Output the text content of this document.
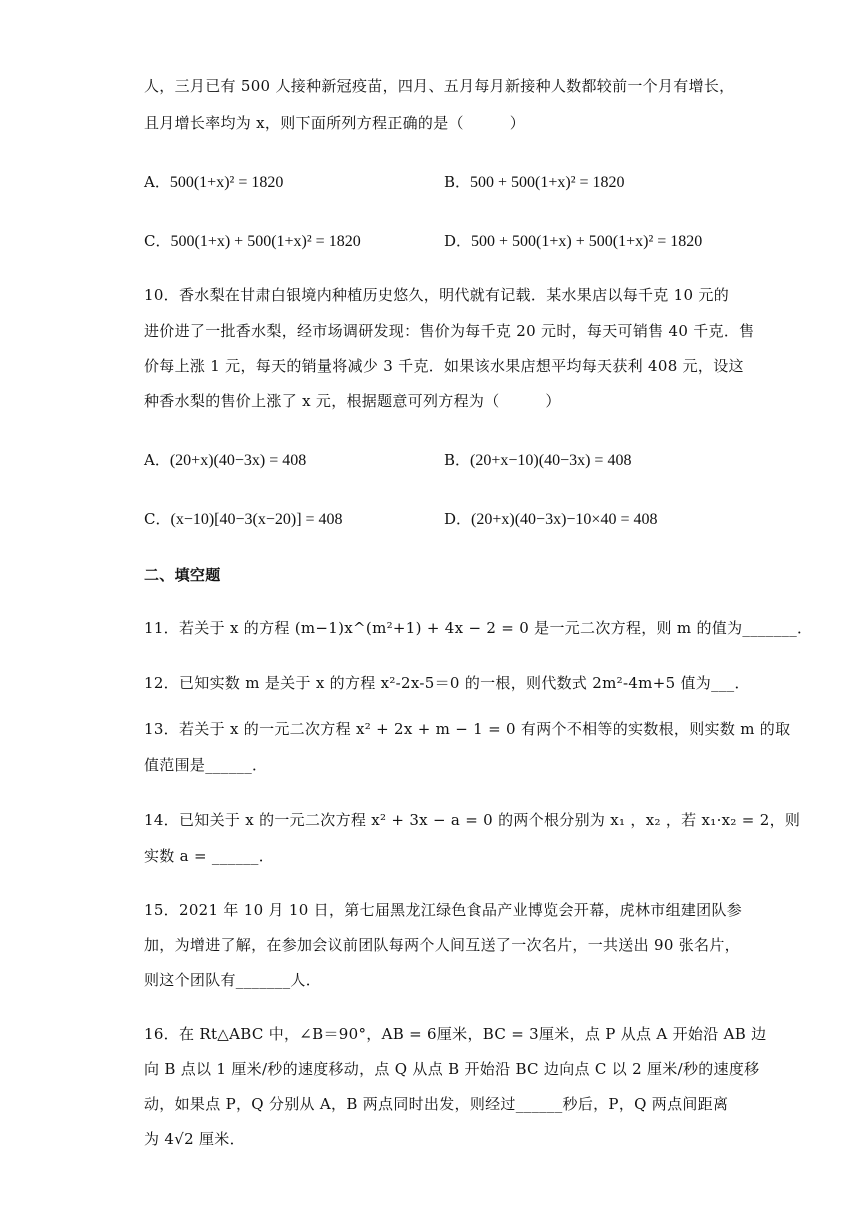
人，三月已有 500 人接种新冠疫苗，四月、五月每月新接种人数都较前一个月有增长，
且月增长率均为 x，则下面所列方程正确的是（　　　）
A．500(1+x)² = 1820	B．500 + 500(1+x)² = 1820
C．500(1+x) + 500(1+x)² = 1820	D．500 + 500(1+x) + 500(1+x)² = 1820
10．香水梨在甘肃白银境内种植历史悠久，明代就有记载．某水果店以每千克 10 元的
进价进了一批香水梨，经市场调研发现：售价为每千克 20 元时，每天可销售 40 千克．售
价每上涨 1 元，每天的销量将减少 3 千克．如果该水果店想平均每天获利 408 元，设这
种香水梨的售价上涨了 x 元，根据题意可列方程为（　　　）
A．(20+x)(40−3x) = 408	B．(20+x−10)(40−3x) = 408
C．(x−10)[40−3(x−20)] = 408	D．(20+x)(40−3x)−10×40 = 408
二、填空题
11．若关于 x 的方程 (m−1)x^(m²+1) + 4x − 2 = 0 是一元二次方程，则 m 的值为_______．
12．已知实数 m 是关于 x 的方程 x²-2x-5＝0 的一根，则代数式 2m²-4m+5 值为___．
13．若关于 x 的一元二次方程 x² + 2x + m − 1 = 0 有两个不相等的实数根，则实数 m 的取
值范围是______．
14．已知关于 x 的一元二次方程 x² + 3x − a = 0 的两个根分别为 x₁ ，x₂ ，若 x₁·x₂ = 2，则
实数 a = ______．
15．2021 年 10 月 10 日，第七届黑龙江绿色食品产业博览会开幕，虎林市组建团队参
加，为增进了解，在参加会议前团队每两个人间互送了一次名片，一共送出 90 张名片，
则这个团队有_______人．
16．在 Rt△ABC 中，∠B＝90°，AB = 6厘米，BC = 3厘米，点 P 从点 A 开始沿 AB 边
向 B 点以 1 厘米/秒的速度移动，点 Q 从点 B 开始沿 BC 边向点 C 以 2 厘米/秒的速度移
动，如果点 P，Q 分别从 A，B 两点同时出发，则经过______秒后，P，Q 两点间距离
为 4√2 厘米．
